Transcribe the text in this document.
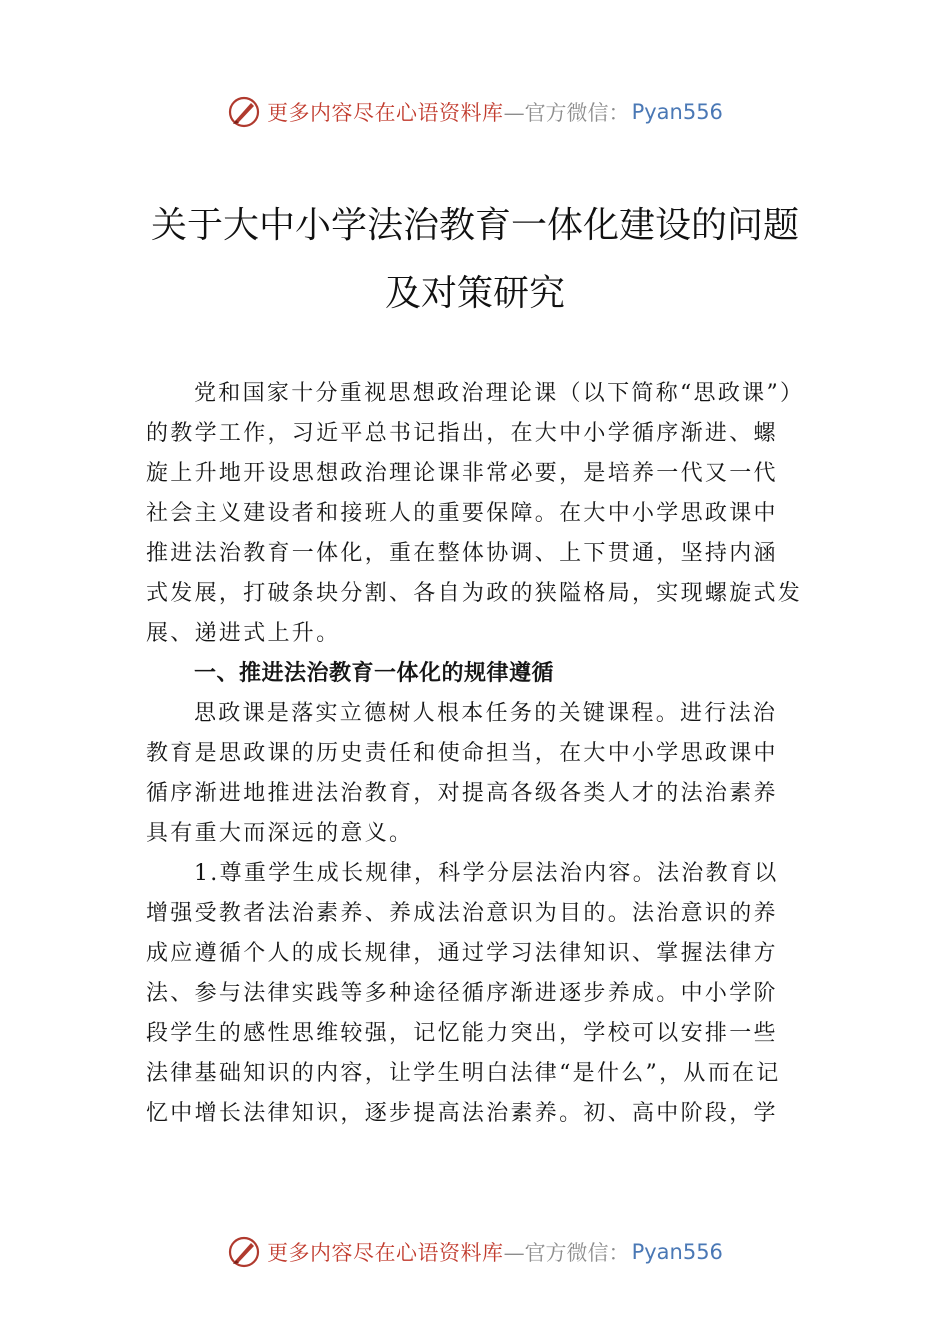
更多内容尽在心语资料库 —官方微信： Pyan556
关于大中小学法治教育一体化建设的问题
及对策研究
党和国家十分重视思想政治理论课（以下简称“思政课”）
的教学工作，习近平总书记指出，在大中小学循序渐进、螺
旋上升地开设思想政治理论课非常必要，是培养一代又一代
社会主义建设者和接班人的重要保障。在大中小学思政课中
推进法治教育一体化，重在整体协调、上下贯通，坚持内涵
式发展，打破条块分割、各自为政的狭隘格局，实现螺旋式发
展、递进式上升。
一、推进法治教育一体化的规律遵循
思政课是落实立德树人根本任务的关键课程。进行法治
教育是思政课的历史责任和使命担当，在大中小学思政课中
循序渐进地推进法治教育，对提高各级各类人才的法治素养
具有重大而深远的意义。
1.尊重学生成长规律，科学分层法治内容。法治教育以
增强受教者法治素养、养成法治意识为目的。法治意识的养
成应遵循个人的成长规律，通过学习法律知识、掌握法律方
法、参与法律实践等多种途径循序渐进逐步养成。中小学阶
段学生的感性思维较强，记忆能力突出，学校可以安排一些
法律基础知识的内容，让学生明白法律“是什么”，从而在记
忆中增长法律知识，逐步提高法治素养。初、高中阶段，学
更多内容尽在心语资料库 —官方微信： Pyan556
